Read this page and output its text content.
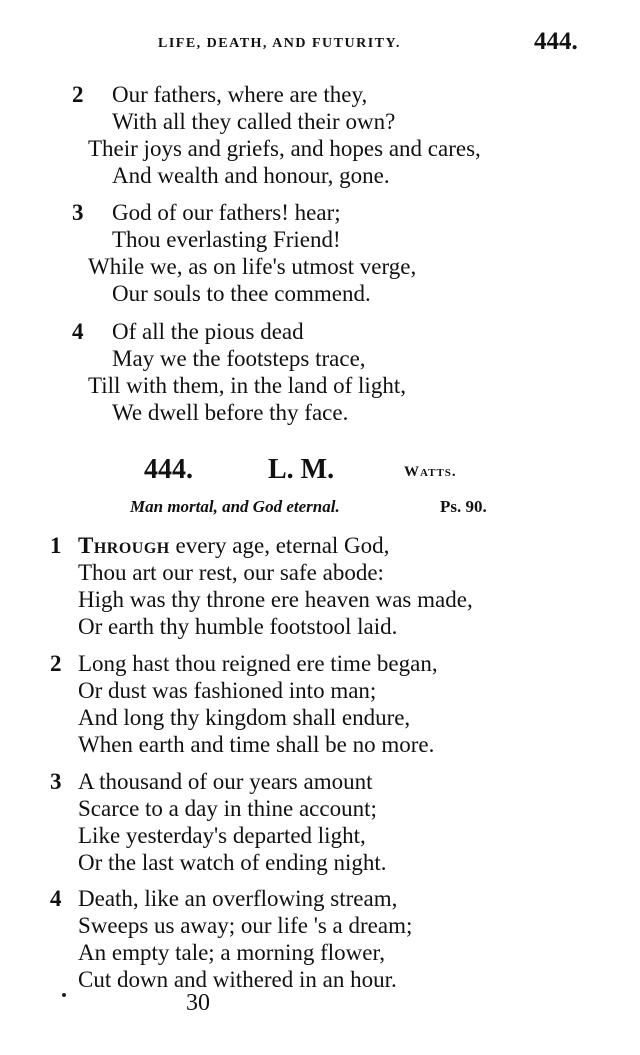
LIFE, DEATH, AND FUTURITY.	444.
2 Our fathers, where are they,
With all they called their own?
Their joys and griefs, and hopes and cares,
And wealth and honour, gone.
3 God of our fathers! hear;
Thou everlasting Friend!
While we, as on life's utmost verge,
Our souls to thee commend.
4 Of all the pious dead
May we the footsteps trace,
Till with them, in the land of light,
We dwell before thy face.
444.	L. M.	Watts.
Man mortal, and God eternal.	Ps. 90.
1 Through every age, eternal God,
Thou art our rest, our safe abode:
High was thy throne ere heaven was made,
Or earth thy humble footstool laid.
2 Long hast thou reigned ere time began,
Or dust was fashioned into man;
And long thy kingdom shall endure,
When earth and time shall be no more.
3 A thousand of our years amount
Scarce to a day in thine account;
Like yesterday's departed light,
Or the last watch of ending night.
4 Death, like an overflowing stream,
Sweeps us away; our life 's a dream;
An empty tale; a morning flower,
Cut down and withered in an hour.
30
